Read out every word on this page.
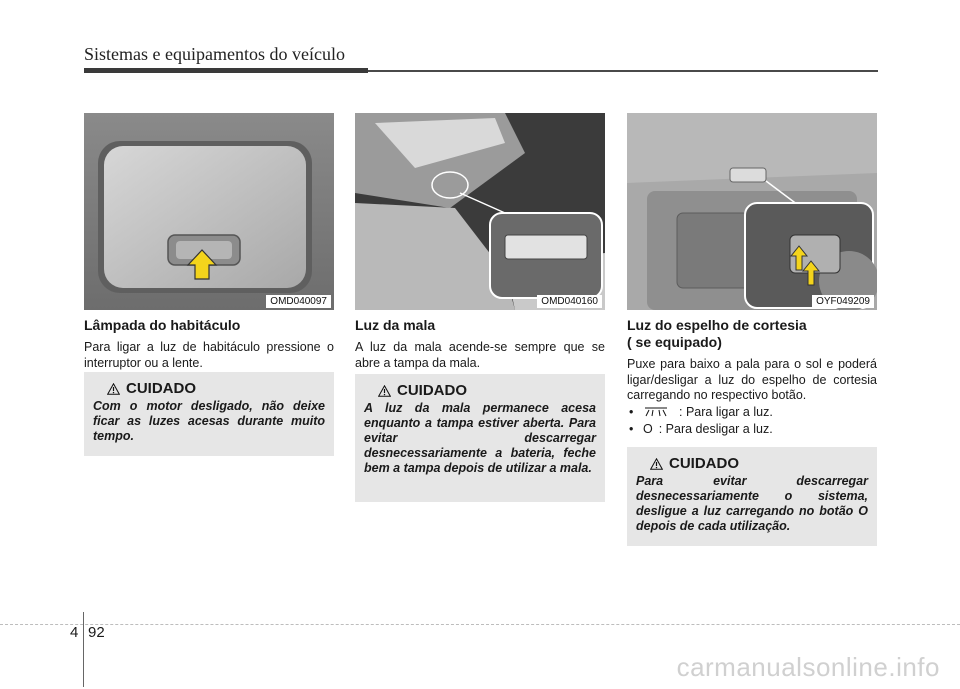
Sistemas e equipamentos do veículo
OMD040097	OMD040160	OYF049209
Lâmpada do habitáculo

Para ligar a luz de habitáculo pressione o interruptor ou a lente.

CUIDADO

Com o motor desligado, não deixe ficar as luzes acesas durante muito tempo.

Luz da mala

A luz da mala acende-se sempre que se abre a tampa da mala.

CUIDADO

A luz da mala permanece acesa enquanto a tampa estiver aberta. Para evitar descarregar desnecessariamente a bateria, feche bem a tampa depois de utilizar a mala.

Luz do espelho de cortesia
( se equipado)

Puxe para baixo a pala para o sol e poderá ligar/desligar a luz do espelho de cortesia carregando no respectivo botão.

•	: Para ligar a luz.
• O : Para desligar a luz.
CUIDADO

Para evitar descarregar desnecessariamente o sistema, desligue a luz carregando no botão O depois de cada utilização.

4 92
carmanualsonline.info
